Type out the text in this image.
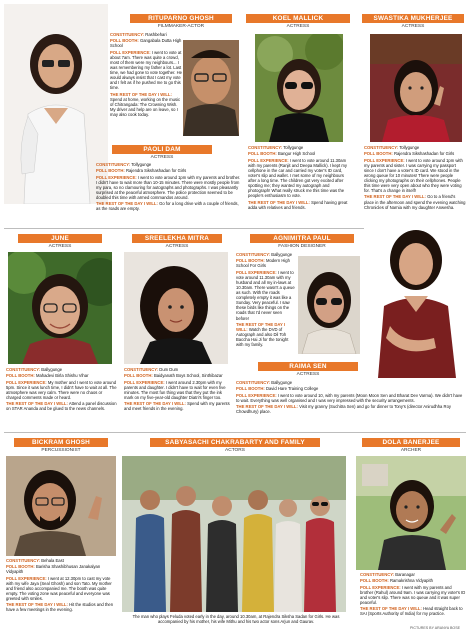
RITUPARNO GHOSH
FILMMAKER-ACTOR

CONSTITUENCY: Rashbehari

POLL BOOTH: Gangabala Dutta High School

POLL EXPERIENCE: I went to vote at about 7am. There was quite a crowd, most of them were my neighbours... I was remembering my father a lot. Last time, we had gone to vote together. He would always insist that I cast my vote and I felt as if he pushed me to go this time.

THE REST OF THE DAY I WILL: Spend at home, working on the music of Chitrangada: The Crowning Wish. My driver and help are on leave, so I may also cook today.

KOEL MALLICK
ACTRESS

CONSTITUENCY: Tollygunge

POLL BOOTH: Bangur High School

POLL EXPERIENCE: I went to vote around 11.30am with my parents (Ranjit and Deepa Mallick). I kept my cellphone in the car and carried my voter's ID card, voter's slip and wallet. I met some of my neighbours after a long time. The children got very excited after spotting me; they wanted my autograph and photograph! What really struck me this time was the people's enthusiasm to vote.

THE REST OF THE DAY I WILL: Spend having great adda with relatives and friends.

SWASTIKA MUKHERJEE
ACTRESS

CONSTITUENCY: Tollygunge

POLL BOOTH: Rajendra Sikshashadan for Girls

POLL EXPERIENCE: I went to vote around 1pm with my parents and sister. I was carrying my passport since I don't have a voter's ID card. We stood in the wrong queue for 10 minutes! There were people clicking my photographs on their cellphones. People this time were very open about who they were voting for. That's a change in itself!

THE REST OF THE DAY I WILL: Go to a friend's place in the afternoon and spend the evening watching Chronicles of Narnia with my daughter Anwesha.

PAOLI DAM
ACTRESS

CONSTITUENCY: Tollygunge

POLL BOOTH: Rajendra Sikshashadan for Girls

POLL EXPERIENCE: I went to vote around 1pm with my parents and brother. I didn't have to wait more than 10-15 minutes. There were mostly people from my para, so no clamouring for autographs and photographs. I was pleasantly surprised at the peaceful atmosphere. The police protection seemed to be doubled this time with armed commandos around.

THE REST OF THE DAY I WILL: Go for a long drive with a couple of friends, as the roads are empty.

JUNE
ACTRESS

CONSTITUENCY: Ballygunge

POLL BOOTH: Mahadevi Birla Shishu Vihar

POLL EXPERIENCE: My mother and I went to vote around 5pm. Since it was lunch time, I didn't have to wait at all. The atmosphere was very calm. There were no chaos or charged comments made or heard.

THE REST OF THE DAY I WILL: Attend a panel discussion on STAR Ananda and be glued to the news channels.

SREELEKHA MITRA
ACTRESS

CONSTITUENCY: Dum Dum

POLL BOOTH: Baidyanath Boys School, Sinthibazar

POLL EXPERIENCE: I went around 2.30pm with my parents and daughter. I didn't have to wait for even five minutes. The most fun thing was that they put the ink mark on my five-year-old daughter Diatri's finger too.

THE REST OF THE DAY I WILL: Spend with my parents and meet friends in the evening.

AGNIMITRA PAUL
FASHION DESIGNER

CONSTITUENCY: Ballygunge

POLL BOOTH: Modern High School For Girls

POLL EXPERIENCE: I went to vote around 11.30am with my husband and all my in-laws at 10.30am. There wasn't a queue as such. With the roads completely empty it was like a Sunday. Very peaceful. I saw these birds like things on the roads that I'd never seen before!

THE REST OF THE DAY I WILL: Watch the DVD of Autograph and also Dil Toh Baccha Hai Ji for the tonight with my family.

RAIMA SEN
ACTRESS

CONSTITUENCY: Ballygunge

POLL BOOTH: David Hare Training College

POLL EXPERIENCE: I went to vote around 10, with my parents (Moon Moon Sen and Bharat Dev Varma). We didn't have to wait. Everything was well organised and I was very impressed with the security arrangements.

THE REST OF THE DAY I WILL: Visit my granny (Suchitra Sen) and go for dinner to Tony's (director Anirudhha Roy Chowdhury) place.

BICKRAM GHOSH
PERCUSSIONIST

CONSTITUENCY: Behala East

POLL BOOTH: Barisha Shashibhusan Janakalyan Vidyapith

POLL EXPERIENCE: I went at 12.30pm to cast my vote with my wife Jaya (Seal Ghosh) and son Tato. My mother and friend also accompanied me. The booth was quite empty. The voting zone was peaceful and everyone was greeted with smiles.

THE REST OF THE DAY I WILL: Hit the studios and then have a few meetings in the evening.

SABYASACHI CHAKRABARTY AND FAMILY
ACTORS
The man who plays Feluda voted early in the day, around 10.30am, at Rajendra Siksha Sadan for Girls. He was accompanied by his mother, his wife Mithu and his two actor sons Arjun and Gaurav.
DOLA BANERJEE
ARCHER

CONSTITUENCY: Baranagar

POLL BOOTH: Ramakrishna Vidyapith

POLL EXPERIENCE: I went with my parents and brother (Rahul) around 9am. I was carrying my voter's ID and voter's slip. There was no queue and it was super peaceful.

THE REST OF THE DAY I WILL: Head straight back to SAI (Sports Authority of India) for my practice.

PICTURES BY ARANYA BOSE
